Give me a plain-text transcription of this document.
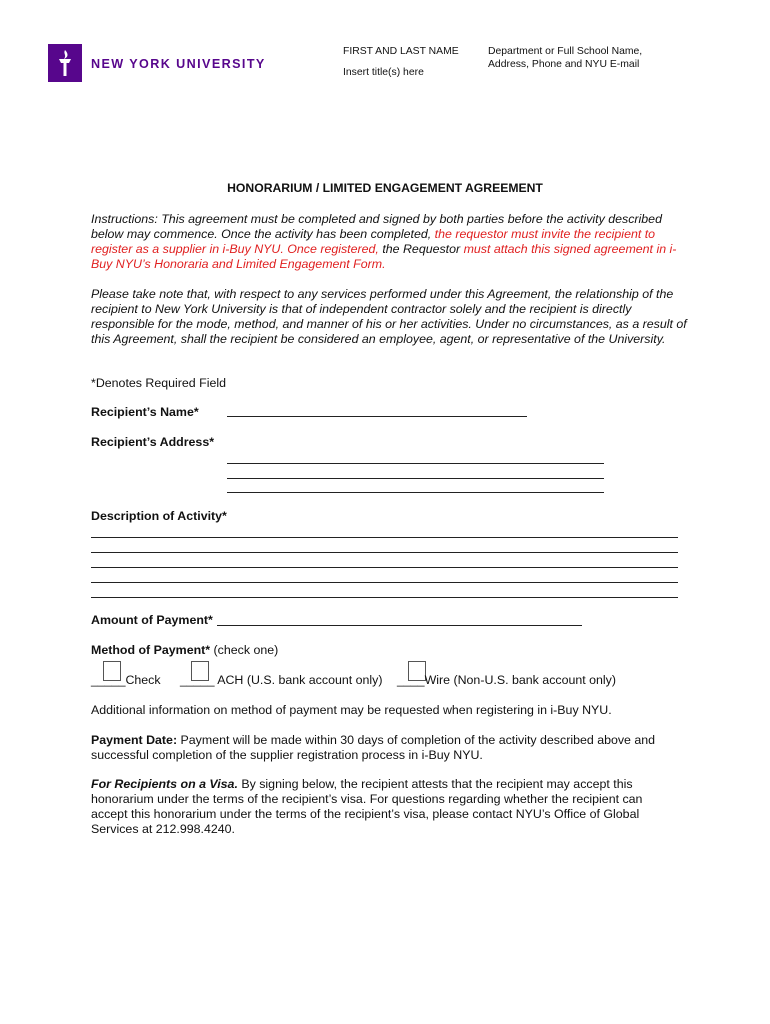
NEW YORK UNIVERSITY
FIRST AND LAST NAME
Insert title(s) here
Department or Full School Name,
Address, Phone and NYU E-mail
HONORARIUM / LIMITED ENGAGEMENT AGREEMENT
Instructions: This agreement must be completed and signed by both parties before the activity described below may commence. Once the activity has been completed, the requestor must invite the recipient to register as a supplier in i-Buy NYU. Once registered, the Requestor must attach this signed agreement in i-Buy NYU’s Honoraria and Limited Engagement Form.
Please take note that, with respect to any services performed under this Agreement, the relationship of the recipient to New York University is that of independent contractor solely and the recipient is directly responsible for the mode, method, and manner of his or her activities. Under no circumstances, as a result of this Agreement, shall the recipient be considered an employee, agent, or representative of the University.
*Denotes Required Field
Recipient’s Name*
Recipient’s Address*
Description of Activity*
Amount of Payment*
Method of Payment* (check one)
_____Check _____ ACH (U.S. bank account only) ____Wire (Non-U.S. bank account only)
Additional information on method of payment may be requested when registering in i-Buy NYU.
Payment Date: Payment will be made within 30 days of completion of the activity described above and successful completion of the supplier registration process in i-Buy NYU.
For Recipients on a Visa. By signing below, the recipient attests that the recipient may accept this honorarium under the terms of the recipient’s visa. For questions regarding whether the recipient can accept this honorarium under the terms of the recipient’s visa, please contact NYU’s Office of Global Services at 212.998.4240.
